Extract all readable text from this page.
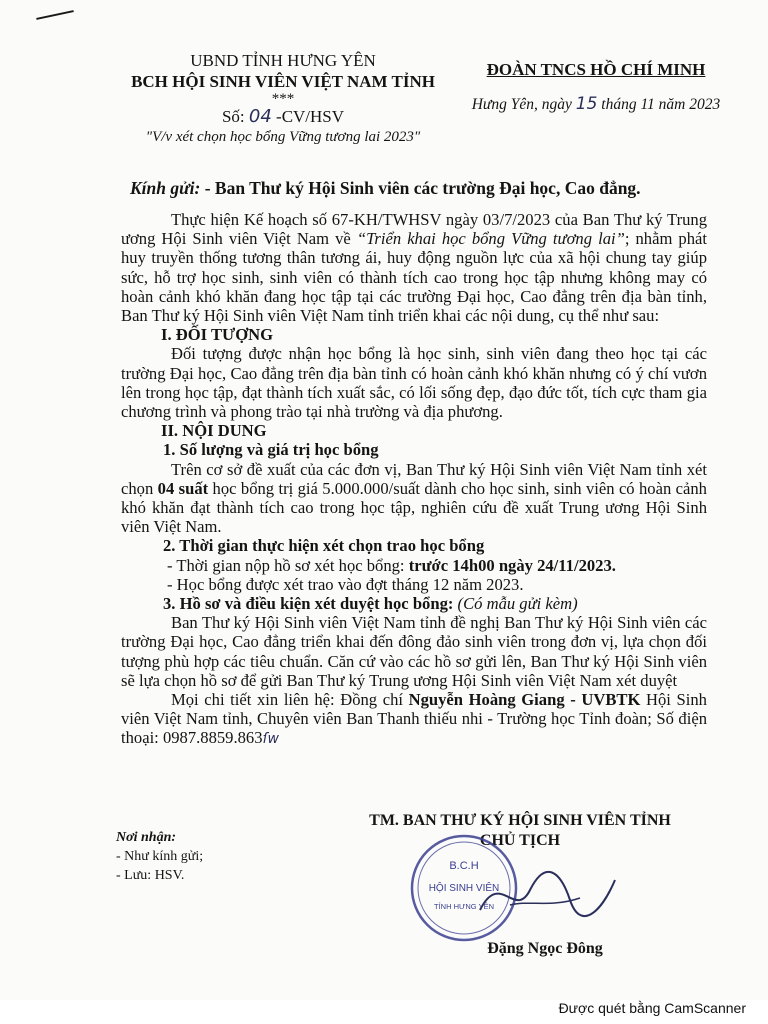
UBND TỈNH HƯNG YÊN
BCH HỘI SINH VIÊN VIỆT NAM TỈNH
***
Số: 04 -CV/HSV
"V/v xét chọn học bổng Vững tương lai 2023"
ĐOÀN TNCS HỒ CHÍ MINH
Hưng Yên, ngày 15 tháng 11 năm 2023
Kính gửi: - Ban Thư ký Hội Sinh viên các trường Đại học, Cao đẳng.

Thực hiện Kế hoạch số 67-KH/TWHSV ngày 03/7/2023 của Ban Thư ký Trung ương Hội Sinh viên Việt Nam về “Triển khai học bổng Vững tương lai”; nhằm phát huy truyền thống tương thân tương ái, huy động nguồn lực của xã hội chung tay giúp sức, hỗ trợ học sinh, sinh viên có thành tích cao trong học tập nhưng không may có hoàn cảnh khó khăn đang học tập tại các trường Đại học, Cao đẳng trên địa bàn tỉnh, Ban Thư ký Hội Sinh viên Việt Nam tỉnh triển khai các nội dung, cụ thể như sau:

I. ĐỐI TƯỢNG

Đối tượng được nhận học bổng là học sinh, sinh viên đang theo học tại các trường Đại học, Cao đẳng trên địa bàn tỉnh có hoàn cảnh khó khăn nhưng có ý chí vươn lên trong học tập, đạt thành tích xuất sắc, có lối sống đẹp, đạo đức tốt, tích cực tham gia chương trình và phong trào tại nhà trường và địa phương.

II. NỘI DUNG

1. Số lượng và giá trị học bổng

Trên cơ sở đề xuất của các đơn vị, Ban Thư ký Hội Sinh viên Việt Nam tỉnh xét chọn 04 suất học bổng trị giá 5.000.000/suất dành cho học sinh, sinh viên có hoàn cảnh khó khăn đạt thành tích cao trong học tập, nghiên cứu đề xuất Trung ương Hội Sinh viên Việt Nam.

2. Thời gian thực hiện xét chọn trao học bổng

- Thời gian nộp hồ sơ xét học bổng: trước 14h00 ngày 24/11/2023.

- Học bổng được xét trao vào đợt tháng 12 năm 2023.

3. Hồ sơ và điều kiện xét duyệt học bổng: (Có mẫu gửi kèm)

Ban Thư ký Hội Sinh viên Việt Nam tỉnh đề nghị Ban Thư ký Hội Sinh viên các trường Đại học, Cao đẳng triển khai đến đông đảo sinh viên trong đơn vị, lựa chọn đối tượng phù hợp các tiêu chuẩn. Căn cứ vào các hồ sơ gửi lên, Ban Thư ký Hội Sinh viên sẽ lựa chọn hồ sơ để gửi Ban Thư ký Trung ương Hội Sinh viên Việt Nam xét duyệt

Mọi chi tiết xin liên hệ: Đồng chí Nguyễn Hoàng Giang - UVBTK Hội Sinh viên Việt Nam tỉnh, Chuyên viên Ban Thanh thiếu nhi - Trường học Tỉnh đoàn; Số điện thoại: 0987.8859.863ſw

Nơi nhận:
- Như kính gửi;
- Lưu: HSV.
TM. BAN THƯ KÝ HỘI SINH VIÊN TỈNH
CHỦ TỊCH
Đặng Ngọc Đông
B.C.H
HỘI SINH VIÊN
TỈNH HƯNG YÊN
Được quét bằng CamScanner
